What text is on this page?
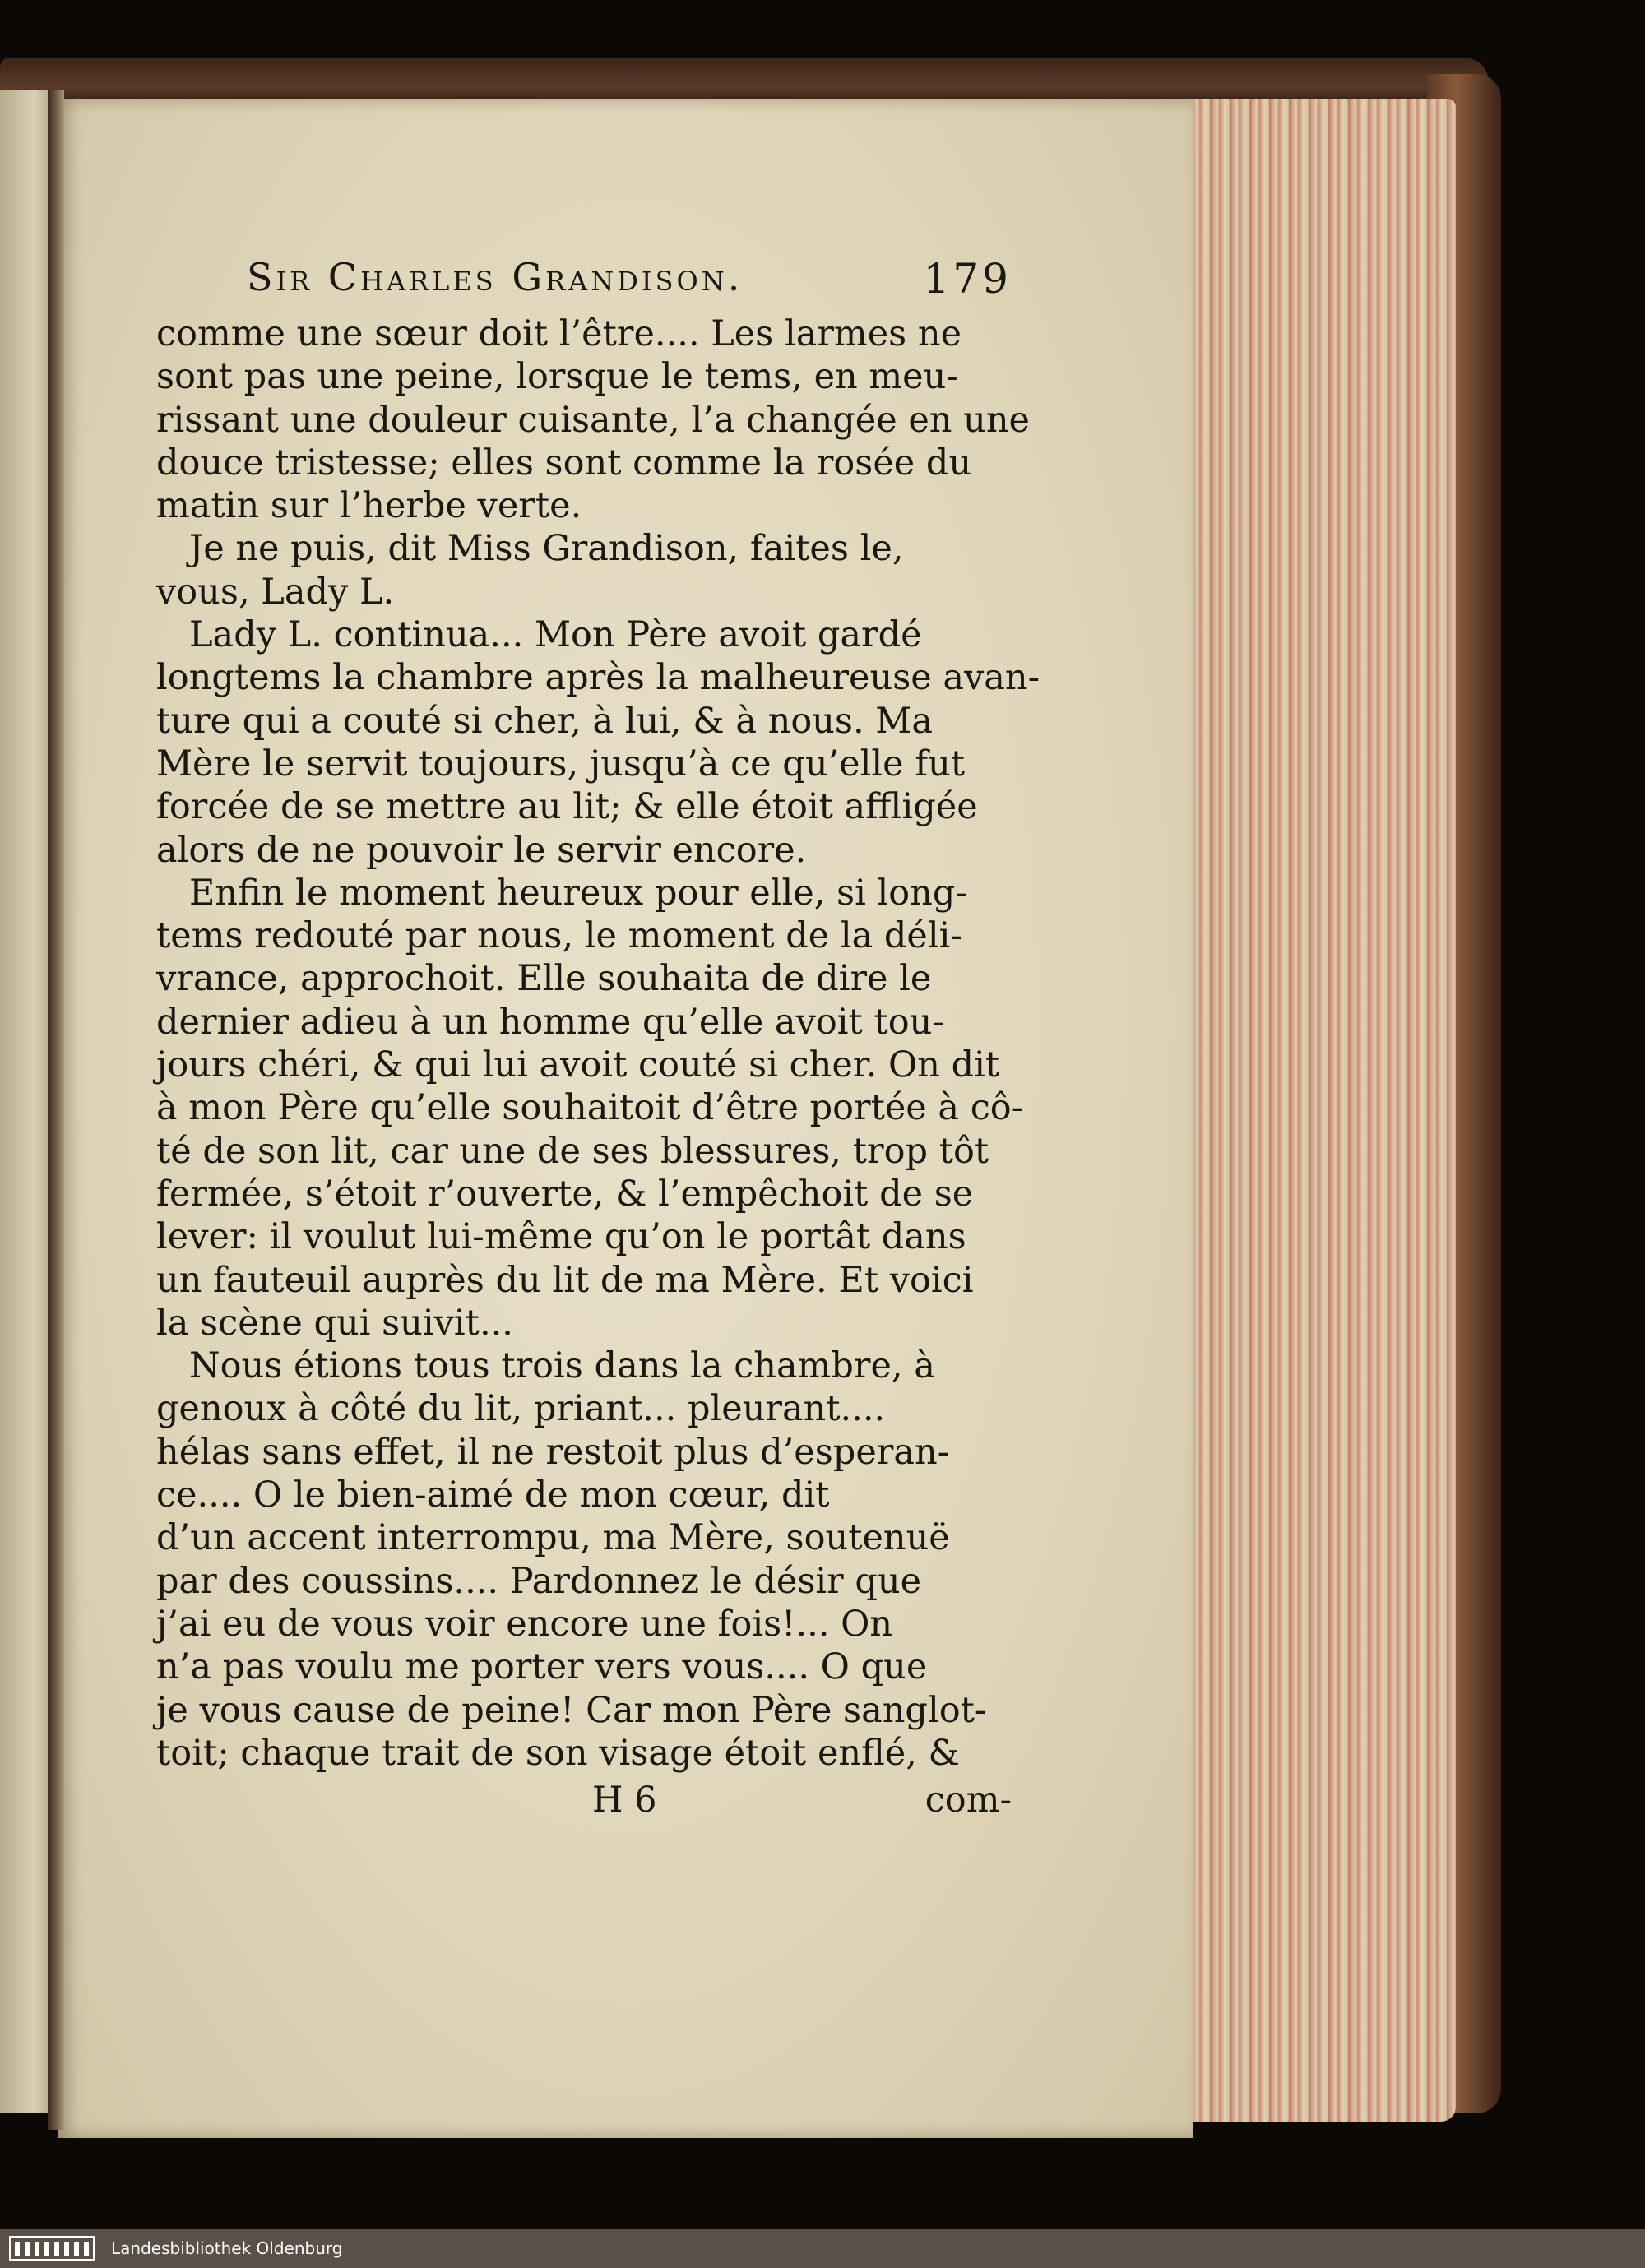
Sir Charles Grandison.	179
comme une sœur doit l’être.... Les larmes ne
sont pas une peine, lorsque le tems, en meu-
rissant une douleur cuisante, l’a changée en une
douce tristesse; elles sont comme la rosée du
matin sur l’herbe verte.
Je ne puis, dit Miss Grandison, faites le,
vous, Lady L.
Lady L. continua... Mon Père avoit gardé
longtems la chambre après la malheureuse avan-
ture qui a couté si cher, à lui, & à nous. Ma
Mère le servit toujours, jusqu’à ce qu’elle fut
forcée de se mettre au lit; & elle étoit affligée
alors de ne pouvoir le servir encore.
Enfin le moment heureux pour elle, si long-
tems redouté par nous, le moment de la déli-
vrance, approchoit. Elle souhaita de dire le
dernier adieu à un homme qu’elle avoit tou-
jours chéri, & qui lui avoit couté si cher. On dit
à mon Père qu’elle souhaitoit d’être portée à cô-
té de son lit, car une de ses blessures, trop tôt
fermée, s’étoit r’ouverte, & l’empêchoit de se
lever: il voulut lui-même qu’on le portât dans
un fauteuil auprès du lit de ma Mère. Et voici
la scène qui suivit...
Nous étions tous trois dans la chambre, à
genoux à côté du lit, priant... pleurant....
hélas sans effet, il ne restoit plus d’esperan-
ce.... O le bien-aimé de mon cœur, dit
d’un accent interrompu, ma Mère, soutenuë
par des coussins.... Pardonnez le désir que
j’ai eu de vous voir encore une fois!... On
n’a pas voulu me porter vers vous.... O que
je vous cause de peine! Car mon Père sanglot-
toit; chaque trait de son visage étoit enflé, &
H 6	com-
Landesbibliothek Oldenburg
